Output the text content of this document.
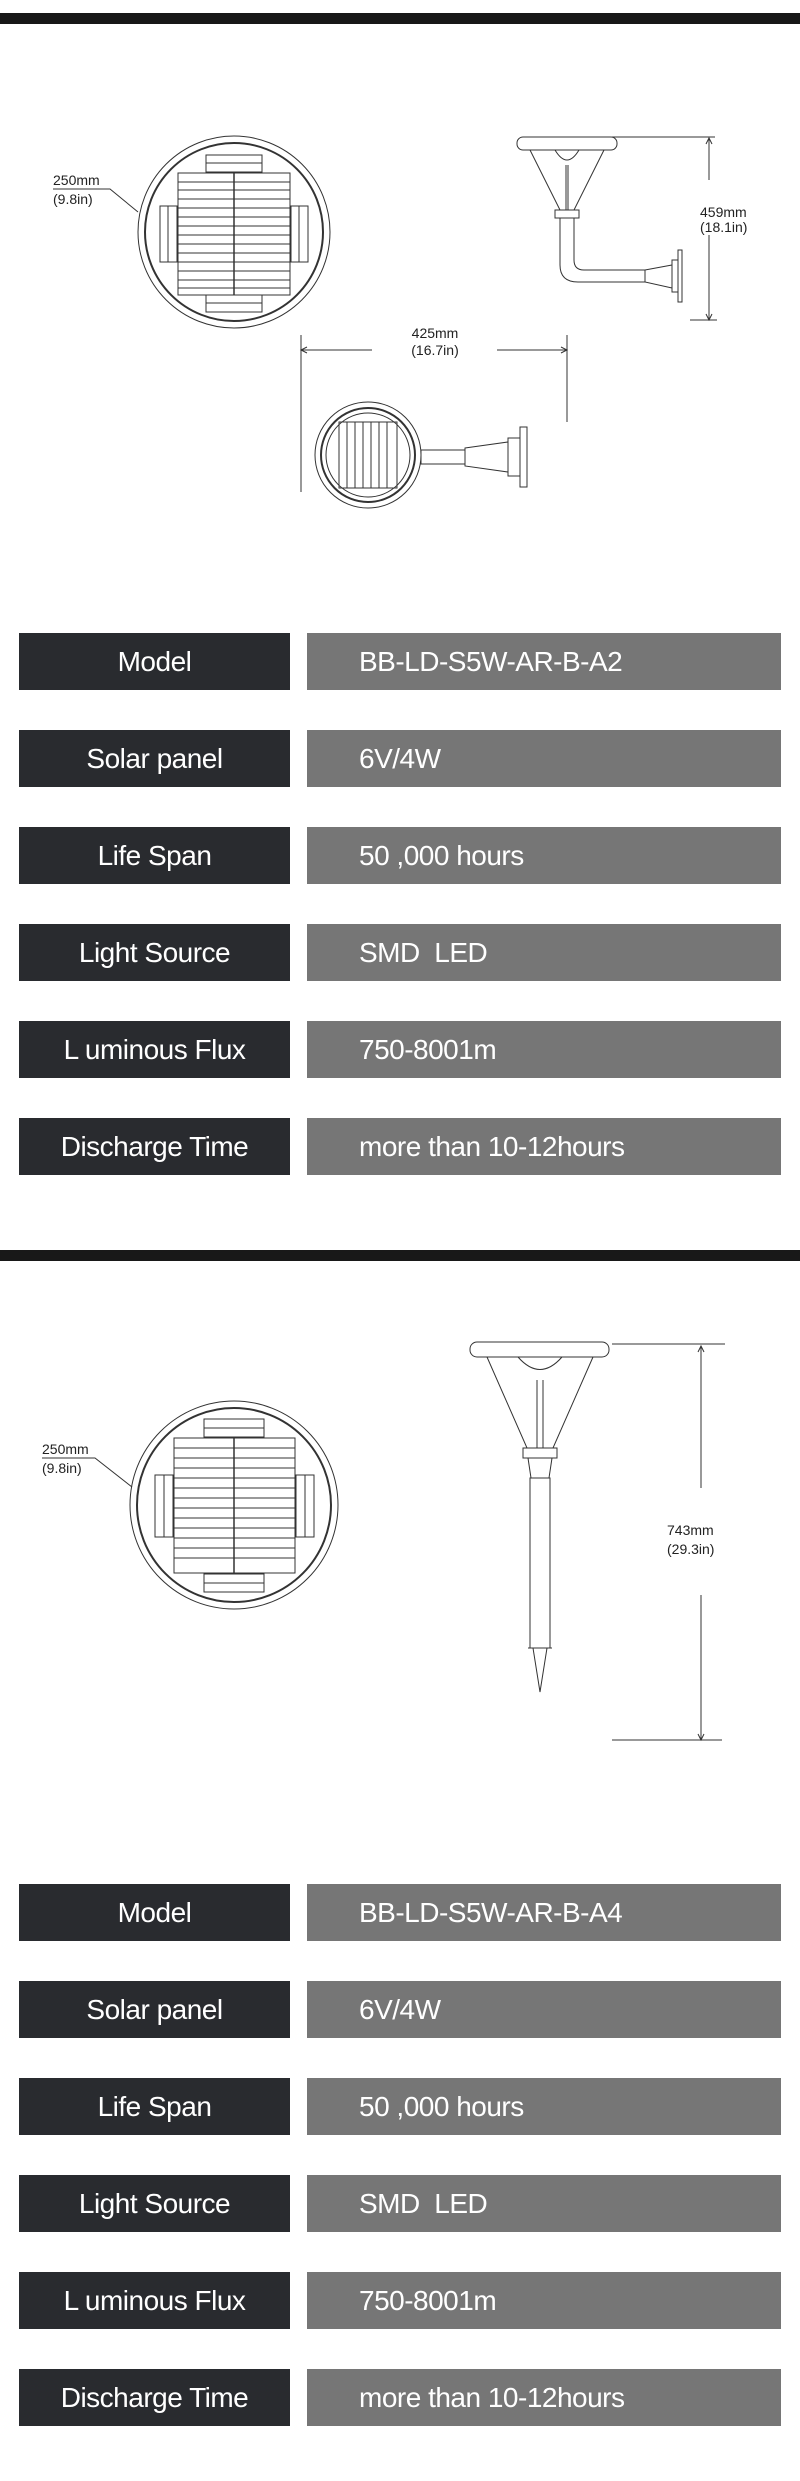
250mm
(9.8in)
459mm
(18.1in)
425mm
(16.7in)
Model	BB-LD-S5W-AR-B-A2
Solar panel	6V/4W
Life Span	50 ,000 hours
Light Source	SMD  LED
L uminous Flux	750-8001m
Discharge Time	more than 10-12hours
250mm
(9.8in)
743mm
(29.3in)
Model	BB-LD-S5W-AR-B-A4
Solar panel	6V/4W
Life Span	50 ,000 hours
Light Source	SMD  LED
L uminous Flux	750-8001m
Discharge Time	more than 10-12hours
